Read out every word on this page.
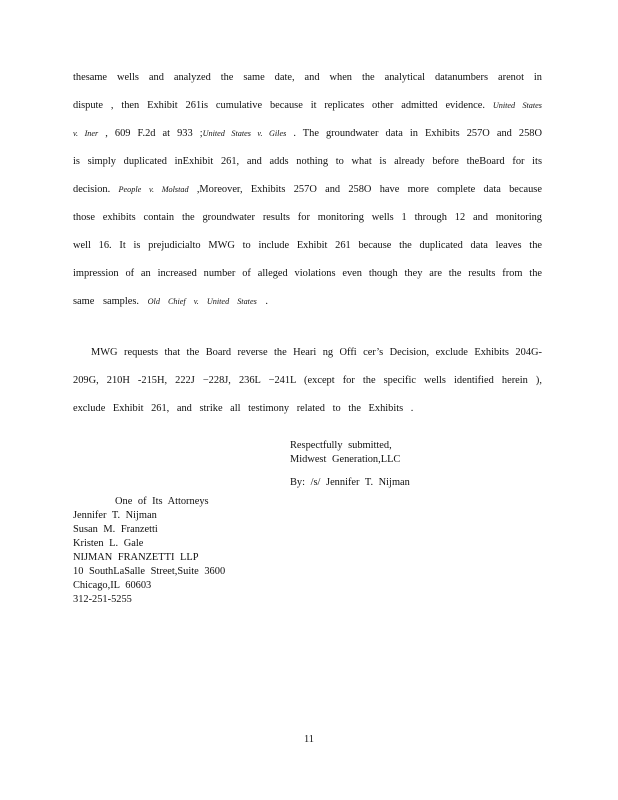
thesame wells and analyzed the same date, and when the analytical datanumbers arenot in

dispute , then Exhibit 261is cumulative because it replicates other admitted evidence. United States

v. Iner , 609 F.2d at 933 ;United States v. Giles . The groundwater data in Exhibits 257O and 258O

is simply duplicated inExhibit 261, and adds nothing to what is already before theBoard for its

decision. People v. Molstad ,Moreover, Exhibits 257O and 258O have more complete data because

those exhibits contain the groundwater results for monitoring wells 1 through 12 and monitoring

well 16. It is prejudicialto MWG to include Exhibit 261 because the duplicated data leaves the

impression of an increased number of alleged violations even though they are the results from the

same samples. Old Chief v. United States .

MWG requests that the Board reverse the Heari ng Offi cer’s Decision, exclude Exhibits 204G-

209G, 210H -215H, 222J −228J, 236L −241L (except for the specific wells identified herein ),

exclude Exhibit 261, and strike all testimony related to the Exhibits .

Respectfully submitted,
Midwest Generation,LLC
By: /s/ Jennifer T. Nijman
One of Its Attorneys
Jennifer T. Nijman
Susan M. Franzetti
Kristen L. Gale
NIJMAN FRANZETTI LLP
10 SouthLaSalle Street,Suite 3600
Chicago,IL 60603
312-251-5255
11
